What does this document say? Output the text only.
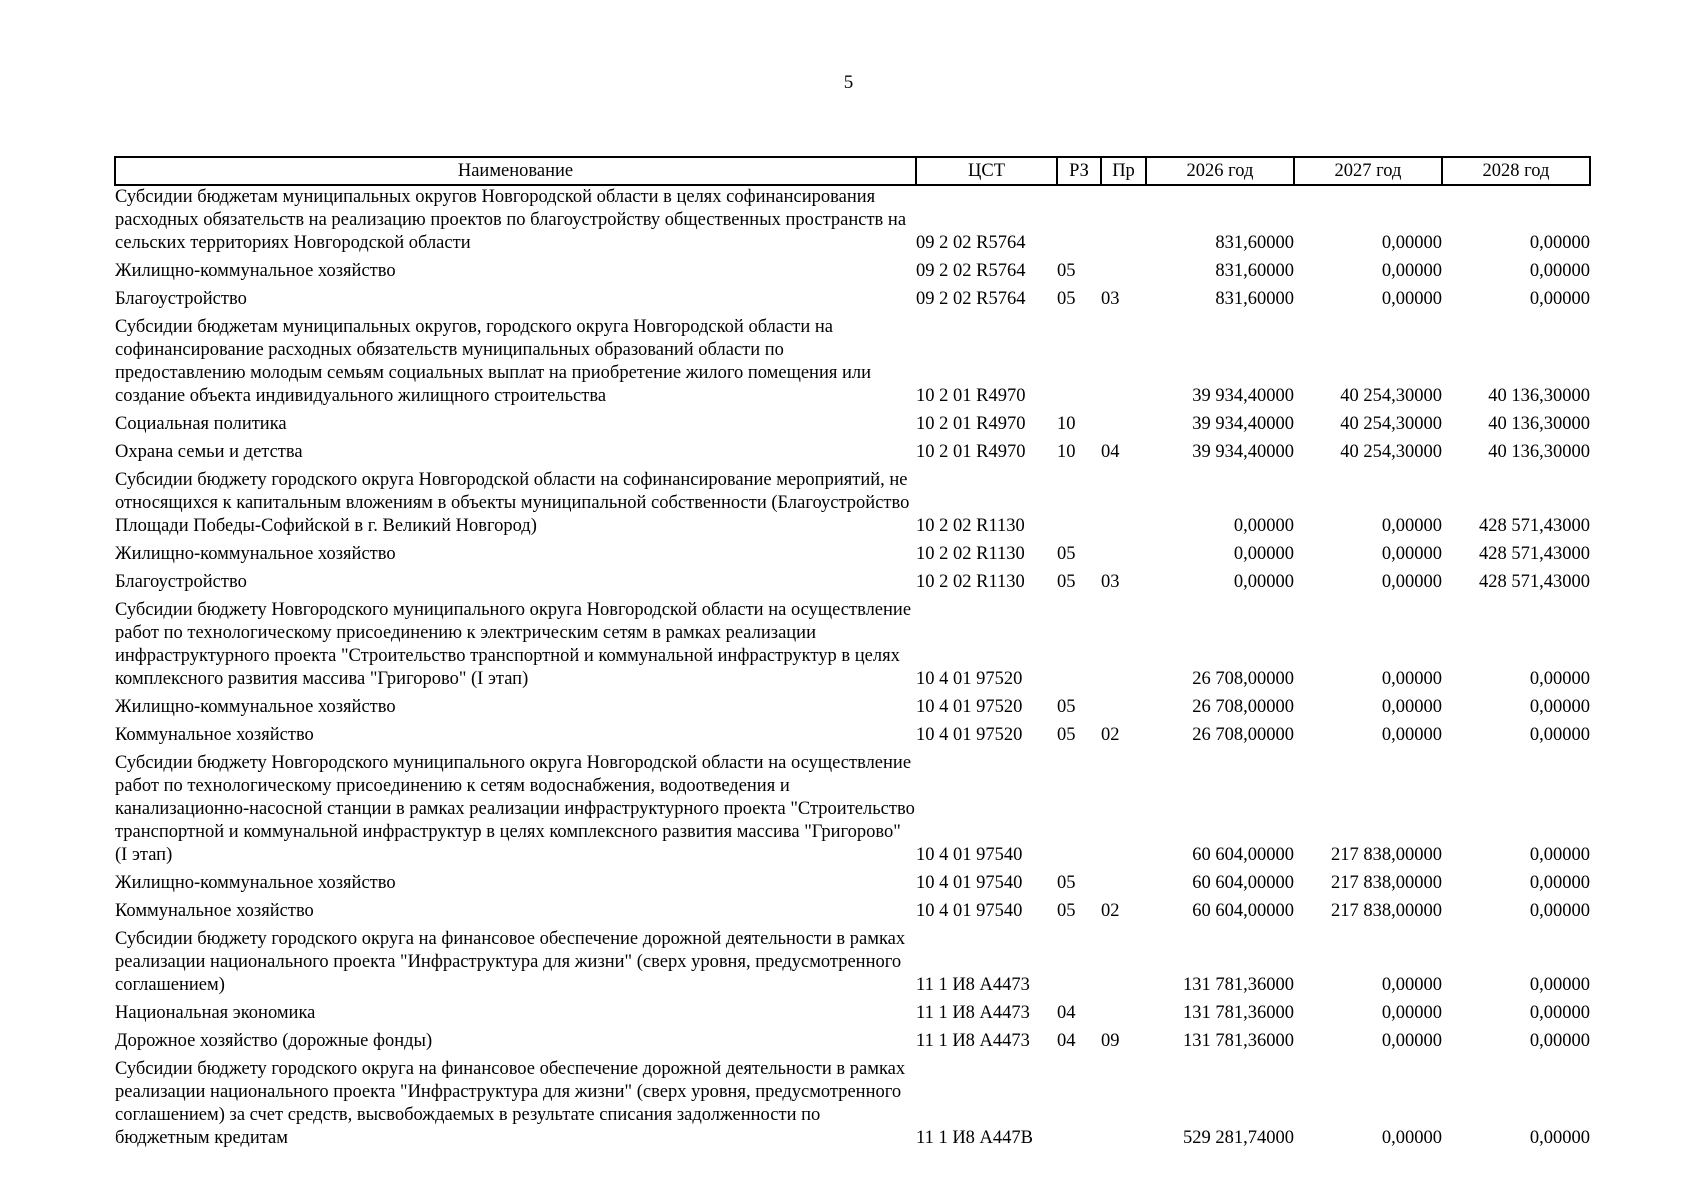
5
Наименование	ЦСТ	РЗ	Пр	2026 год	2027 год	2028 год
Субсидии бюджетам муниципальных округов Новгородской области в целях софинансирования расходных обязательств на реализацию проектов по благоустройству общественных пространств на сельских территориях Новгородской области	09 2 02 R5764			831,60000	0,00000	0,00000
Жилищно-коммунальное хозяйство	09 2 02 R5764	05		831,60000	0,00000	0,00000
Благоустройство	09 2 02 R5764	05	03	831,60000	0,00000	0,00000
Субсидии бюджетам муниципальных округов, городского округа Новгородской области на софинансирование расходных обязательств муниципальных образований области по предоставлению молодым семьям социальных выплат на приобретение жилого помещения или создание объекта индивидуального жилищного строительства	10 2 01 R4970			39 934,40000	40 254,30000	40 136,30000
Социальная политика	10 2 01 R4970	10		39 934,40000	40 254,30000	40 136,30000
Охрана семьи и детства	10 2 01 R4970	10	04	39 934,40000	40 254,30000	40 136,30000
Субсидии бюджету городского округа Новгородской области на софинансирование мероприятий, не относящихся к капитальным вложениям в объекты муниципальной собственности (Благоустройство Площади Победы-Софийской в г. Великий Новгород)	10 2 02 R1130			0,00000	0,00000	428 571,43000
Жилищно-коммунальное хозяйство	10 2 02 R1130	05		0,00000	0,00000	428 571,43000
Благоустройство	10 2 02 R1130	05	03	0,00000	0,00000	428 571,43000
Субсидии бюджету Новгородского муниципального округа Новгородской области на осуществление работ по технологическому присоединению к электрическим сетям в рамках реализации инфраструктурного проекта "Строительство транспортной и коммунальной инфраструктур в целях комплексного развития массива "Григорово" (I этап)	10 4 01 97520			26 708,00000	0,00000	0,00000
Жилищно-коммунальное хозяйство	10 4 01 97520	05		26 708,00000	0,00000	0,00000
Коммунальное хозяйство	10 4 01 97520	05	02	26 708,00000	0,00000	0,00000
Субсидии бюджету Новгородского муниципального округа Новгородской области на осуществление работ по технологическому присоединению к сетям водоснабжения, водоотведения и канализационно-насосной станции в рамках реализации инфраструктурного проекта "Строительство транспортной и коммунальной инфраструктур в целях комплексного развития массива "Григорово" (I этап)	10 4 01 97540			60 604,00000	217 838,00000	0,00000
Жилищно-коммунальное хозяйство	10 4 01 97540	05		60 604,00000	217 838,00000	0,00000
Коммунальное хозяйство	10 4 01 97540	05	02	60 604,00000	217 838,00000	0,00000
Субсидии бюджету городского округа на финансовое обеспечение дорожной деятельности в рамках реализации национального проекта "Инфраструктура для жизни" (сверх уровня, предусмотренного соглашением)	11 1 И8 А4473			131 781,36000	0,00000	0,00000
Национальная экономика	11 1 И8 А4473	04		131 781,36000	0,00000	0,00000
Дорожное хозяйство (дорожные фонды)	11 1 И8 А4473	04	09	131 781,36000	0,00000	0,00000
Субсидии бюджету городского округа на финансовое обеспечение дорожной деятельности в рамках реализации национального проекта "Инфраструктура для жизни" (сверх уровня, предусмотренного соглашением) за счет средств, высвобождаемых в результате списания задолженности по бюджетным кредитам	11 1 И8 А447В			529 281,74000	0,00000	0,00000
